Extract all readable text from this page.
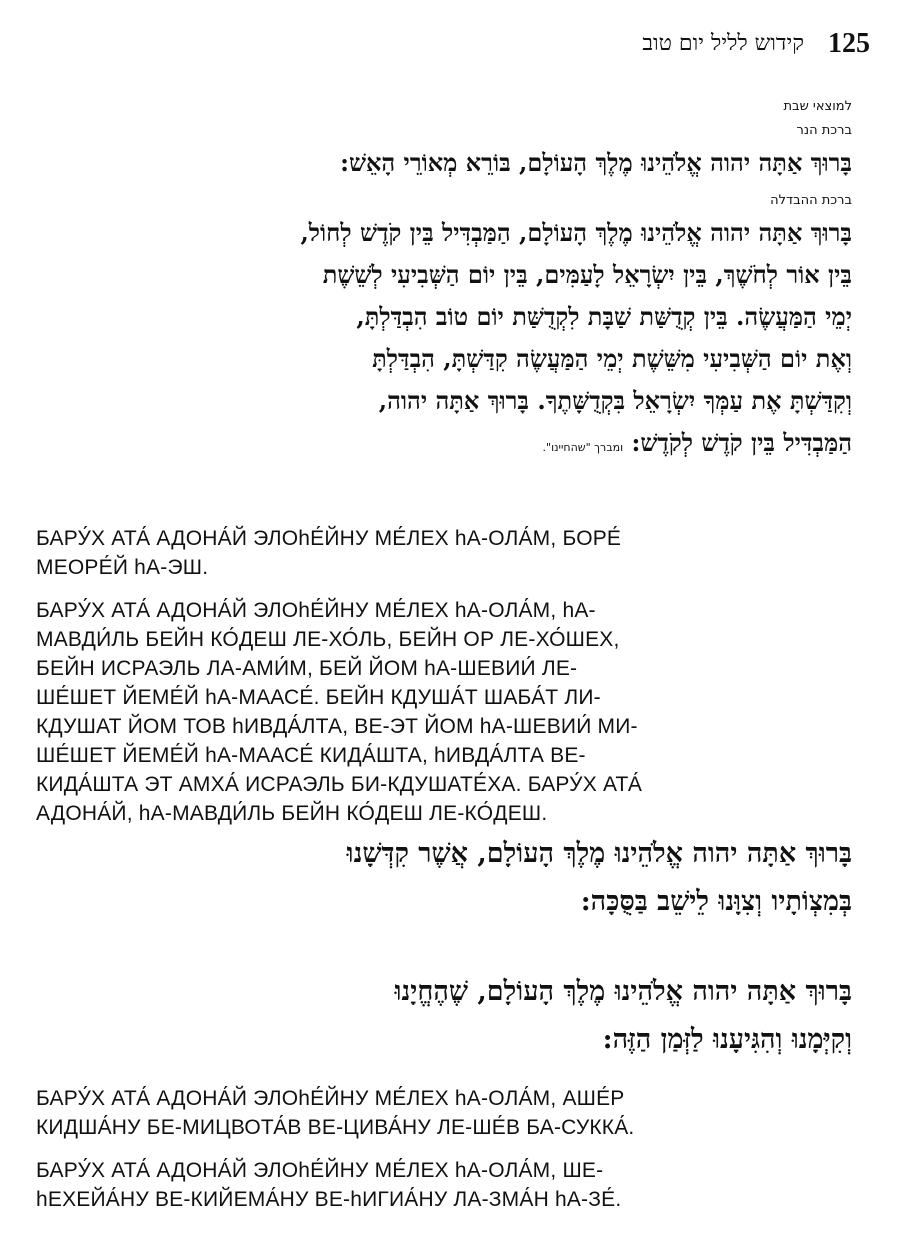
קידוש לליל יום טוב 125
למוצאי שבת
ברכת הנר
בָּרוּךְ אַתָּה יהוה אֱלֹהֵינוּ מֶלֶךְ הָעוֹלָם, בּוֹרֵא מְאוֹרֵי הָאֵשׁ:
ברכת ההבדלה
בָּרוּךְ אַתָּה יהוה אֱלֹהֵינוּ מֶלֶךְ הָעוֹלָם, הַמַּבְדִּיל בֵּין קֹדֶשׁ לְחוֹל,
בֵּין אוֹר לְחֹשֶׁךְ, בֵּין יִשְׂרָאֵל לָעַמִּים, בֵּין יוֹם הַשְּׁבִיעִי לְשֵׁשֶׁת
יְמֵי הַמַּעֲשֶׂה. בֵּין קְדֻשַּׁת שַׁבָּת לִקְדֻשַּׁת יוֹם טוֹב הִבְדַּלְתָּ,
וְאֶת יוֹם הַשְּׁבִיעִי מִשֵּׁשֶׁת יְמֵי הַמַּעֲשֶׂה קִדַּשְׁתָּ, הִבְדַּלְתָּ
וְקִדַּשְׁתָּ אֶת עַמְּךָ יִשְׂרָאֵל בִּקְדֻשָּׁתֶךָ. בָּרוּךְ אַתָּה יהוה,
הַמַּבְדִּיל בֵּין קֹדֶשׁ לְקֹדֶשׁ: ומברך "שהחיינו".
БАРУ́Х АТА́ АДОНА́Й ЭЛОhЕ́ЙНУ МЕ́ЛЕХ hА-ОЛА́М, БОРЕ́
МЕОРЕ́Й hА-ЭШ.
БАРУ́Х АТА́ АДОНА́Й ЭЛОhЕ́ЙНУ МЕ́ЛЕХ hА-ОЛА́М, hА-
МАВДИ́ЛЬ БЕЙН КО́ДЕШ ЛЕ-ХО́ЛЬ, БЕЙН ОР ЛЕ-ХО́ШЕХ,
БЕЙН ИСРАЭЛЬ ЛА-АМИ́М, БЕЙ ЙОМ hА-ШЕВИИ́ ЛЕ-
ШЕ́ШЕТ ЙЕМЕ́Й hА-МААСЕ́. БЕЙН КДУША́Т ШАБА́Т ЛИ-
КДУШАТ ЙОМ ТОВ hИВДА́ЛТА, ВЕ-ЭТ ЙОМ hА-ШЕВИИ́ МИ-
ШЕ́ШЕТ ЙЕМЕ́Й hА-МААСЕ́ КИДА́ШТА, hИВДА́ЛТА ВЕ-
КИДА́ШТА ЭТ АМХА́ ИСРАЭЛЬ БИ-КДУШАТЕ́ХА. БАРУ́Х АТА́
АДОНА́Й, hА-МАВДИ́ЛЬ БЕЙН КО́ДЕШ ЛЕ-КО́ДЕШ.
בָּרוּךְ אַתָּה יהוה אֱלֹהֵינוּ מֶלֶךְ הָעוֹלָם, אֲשֶׁר קִדְּשָׁנוּ
בְּמִצְוֹתָיו וְצִוָּנוּ לֵישֵׁב בַּסֻּכָּה:
בָּרוּךְ אַתָּה יהוה אֱלֹהֵינוּ מֶלֶךְ הָעוֹלָם, שֶׁהֶחֱיָנוּ
וְקִיְּמָנוּ וְהִגִּיעָנוּ לַזְּמַן הַזֶּה:
БАРУ́Х АТА́ АДОНА́Й ЭЛОhЕ́ЙНУ МЕ́ЛЕХ hА-ОЛА́М, АШЕ́Р
КИДША́НУ БЕ-МИЦВОТА́В ВЕ-ЦИВА́НУ ЛЕ-ШЕ́В БА-СУККА́.
БАРУ́Х АТА́ АДОНА́Й ЭЛОhЕ́ЙНУ МЕ́ЛЕХ hА-ОЛА́М, ШЕ-
hЕХЕЙА́НУ ВЕ-КИЙЕМА́НУ ВЕ-hИГИА́НУ ЛА-ЗМА́Н hА-ЗЕ́.
